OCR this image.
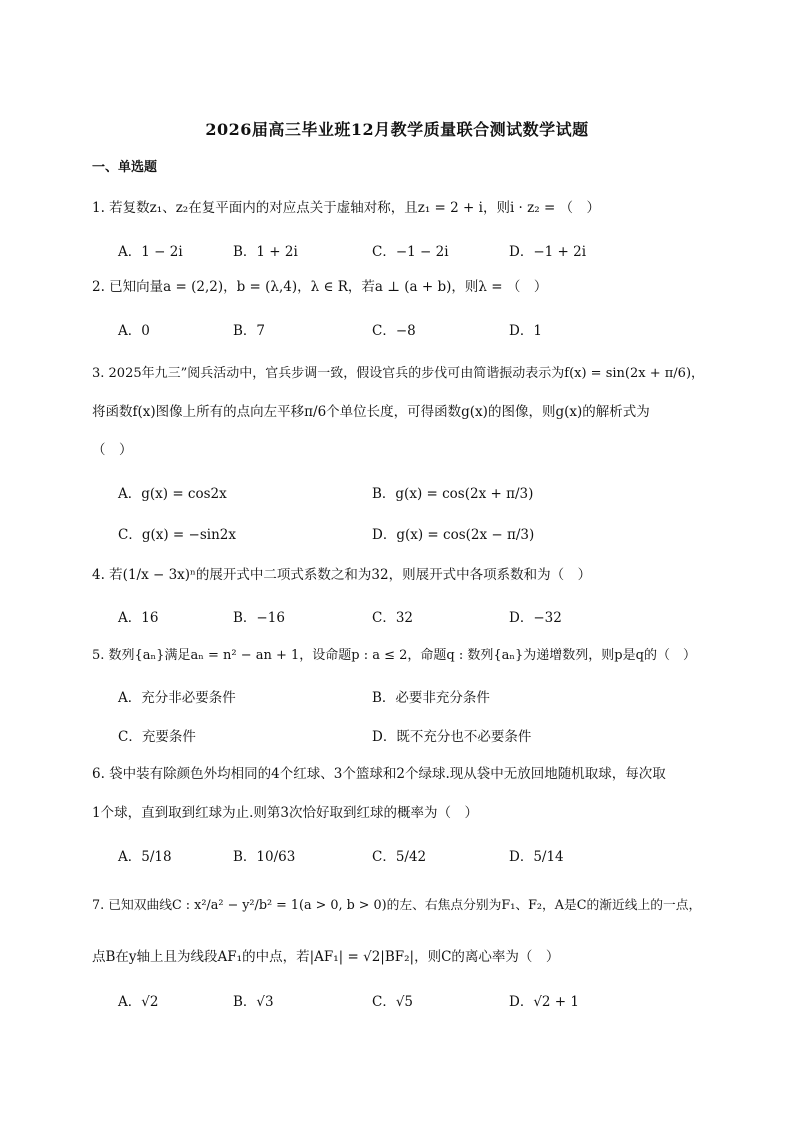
2026届高三毕业班12月教学质量联合测试数学试题
一、单选题
1. 若复数z₁、z₂在复平面内的对应点关于虚轴对称，且z₁ = 2 + i，则i · z₂ = （　）
A．1 − 2i	B．1 + 2i	C．−1 − 2i	D．−1 + 2i
2. 已知向量a = (2,2)，b = (λ,4)，λ ∈ R，若a ⊥ (a + b)，则λ = （　）
A．0	B．7	C．−8	D．1
3. 2025年九三”阅兵活动中，官兵步调一致，假设官兵的步伐可由简谐振动表示为f(x) = sin(2x + π/6)，
将函数f(x)图像上所有的点向左平移π/6个单位长度，可得函数g(x)的图像，则g(x)的解析式为
（　）
A．g(x) = cos2x	B．g(x) = cos(2x + π/3)
C．g(x) = −sin2x	D．g(x) = cos(2x − π/3)
4. 若(1/x − 3x)ⁿ的展开式中二项式系数之和为32，则展开式中各项系数和为（　）
A．16	B．−16	C．32	D．−32
5. 数列{aₙ}满足aₙ = n² − an + 1，设命题p : a ≤ 2，命题q : 数列{aₙ}为递增数列，则p是q的（　）
A．充分非必要条件	B．必要非充分条件
C．充要条件	D．既不充分也不必要条件
6. 袋中装有除颜色外均相同的4个红球、3个篮球和2个绿球.现从袋中无放回地随机取球，每次取
1个球，直到取到红球为止.则第3次恰好取到红球的概率为（　）
A．5/18	B．10/63	C．5/42	D．5/14
7. 已知双曲线C : x²/a² − y²/b² = 1(a > 0, b > 0)的左、右焦点分别为F₁、F₂，A是C的渐近线上的一点，
点B在y轴上且为线段AF₁的中点，若|AF₁| = √2|BF₂|，则C的离心率为（　）
A．√2	B．√3	C．√5	D．√2 + 1
